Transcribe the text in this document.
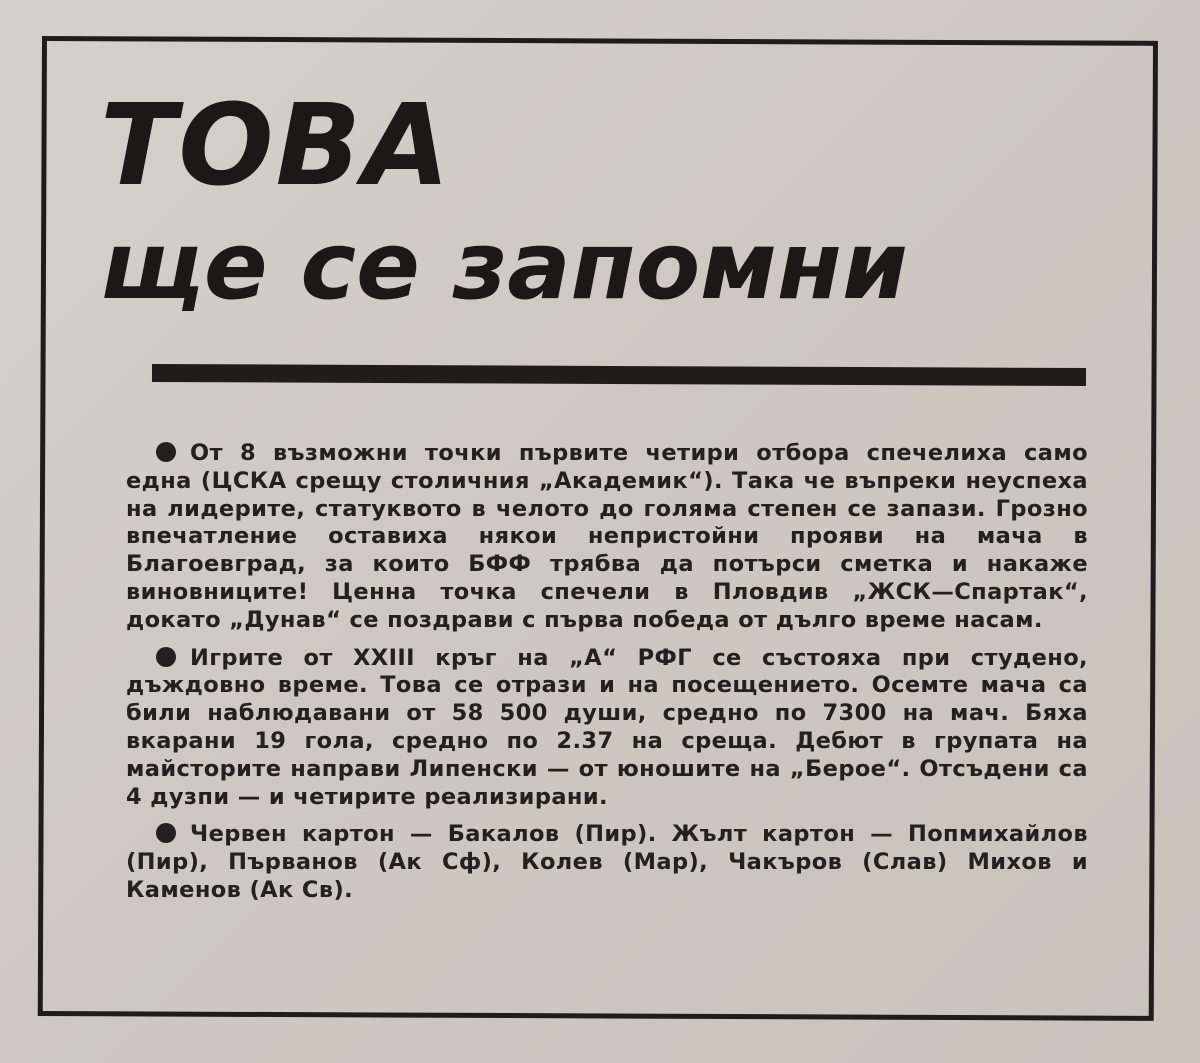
ТОВА
ще се запомни

От 8 възможни точки първите четири отбора спечелиха само една (ЦСКА срещу столичния „Академик“). Така че въпреки неуспеха на лидерите, статуквото в челото до голяма степен се запази. Грозно впечатление оставиха някои непристойни прояви на мача в Благоевград, за които БФФ трябва да потърси сметка и накаже виновниците! Ценна точка спечели в Пловдив „ЖСК—Спартак“, докато „Дунав“ се поздрави с първа победа от дълго време насам.

Игрите от XXIII кръг на „А“ РФГ се състояха при студено, дъждовно време. Това се отрази и на посещението. Осемте мача са били наблюдавани от 58 500 души, средно по 7300 на мач. Бяха вкарани 19 гола, средно по 2.37 на среща. Дебют в групата на майсторите направи Липенски — от юношите на „Берое“. Отсъдени са 4 дузпи — и четирите реализирани.

Червен картон — Бакалов (Пир). Жълт картон — Попмихайлов (Пир), Първанов (Ак Сф), Колев (Мар), Чакъров (Слав) Михов и Каменов (Ак Св).
